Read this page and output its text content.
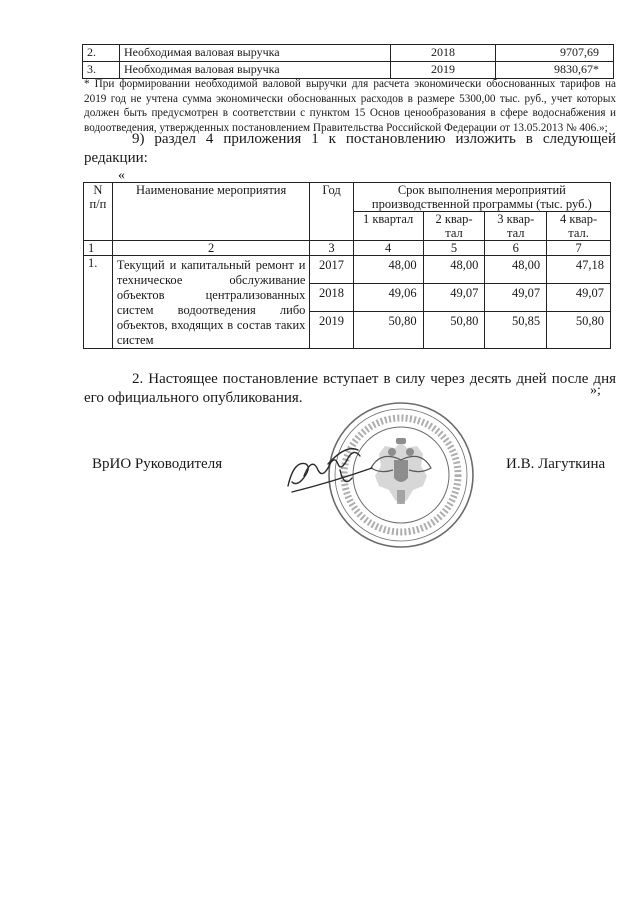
2.	Необходимая валовая выручка	2018	9707,69
3.	Необходимая валовая выручка	2019	9830,67*
* При формировании необходимой валовой выручки для расчета экономически обоснованных тарифов на 2019 год не учтена сумма экономически обоснованных расходов в размере 5300,00 тыс. руб., учет которых должен быть предусмотрен в соответствии с пунктом 15 Основ ценообразования в сфере водоснабжения и водоотведения, утвержденных постановлением Правительства Российской Федерации от 13.05.2013 № 406.»;
9) раздел 4 приложения 1 к постановлению изложить в следующей редакции:
«
N п/п	Наименование мероприятия	Год	Срок выполнения мероприятий производственной программы (тыс. руб.)			
			1 квартал	2 квар-тал	3 квар-тал	4 квар-тал.
1	2	3	4	5	6	7
1.	Текущий и капитальный ремонт и техническое обслуживание объектов централизованных систем водоотведения либо объектов, входящих в состав таких систем	2017	48,00	48,00	48,00	47,18
		2018	49,06	49,07	49,07	49,07
		2019	50,80	50,80	50,85	50,80
»;
2. Настоящее постановление вступает в силу через десять дней после дня его официального опубликования.
ВрИО Руководителя	И.В. Лагуткина
